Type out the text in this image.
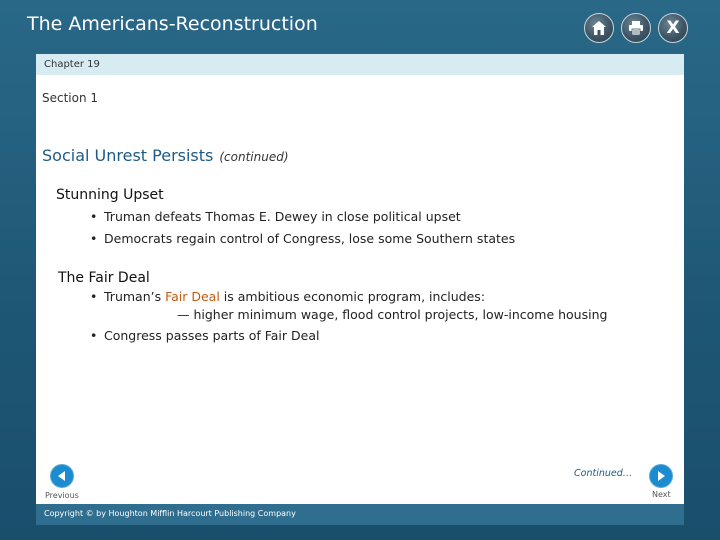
The Americans-Reconstruction	X
Chapter 19
Section 1
Social Unrest Persists (continued)
Stunning Upset
• Truman defeats Thomas E. Dewey in close political upset
• Democrats regain control of Congress, lose some Southern states
The Fair Deal
• Truman’s Fair Deal is ambitious economic program, includes:
— higher minimum wage, flood control projects, low-income housing
• Congress passes parts of Fair Deal
Continued…
Previous	Next
Copyright © by Houghton Mifflin Harcourt Publishing Company
